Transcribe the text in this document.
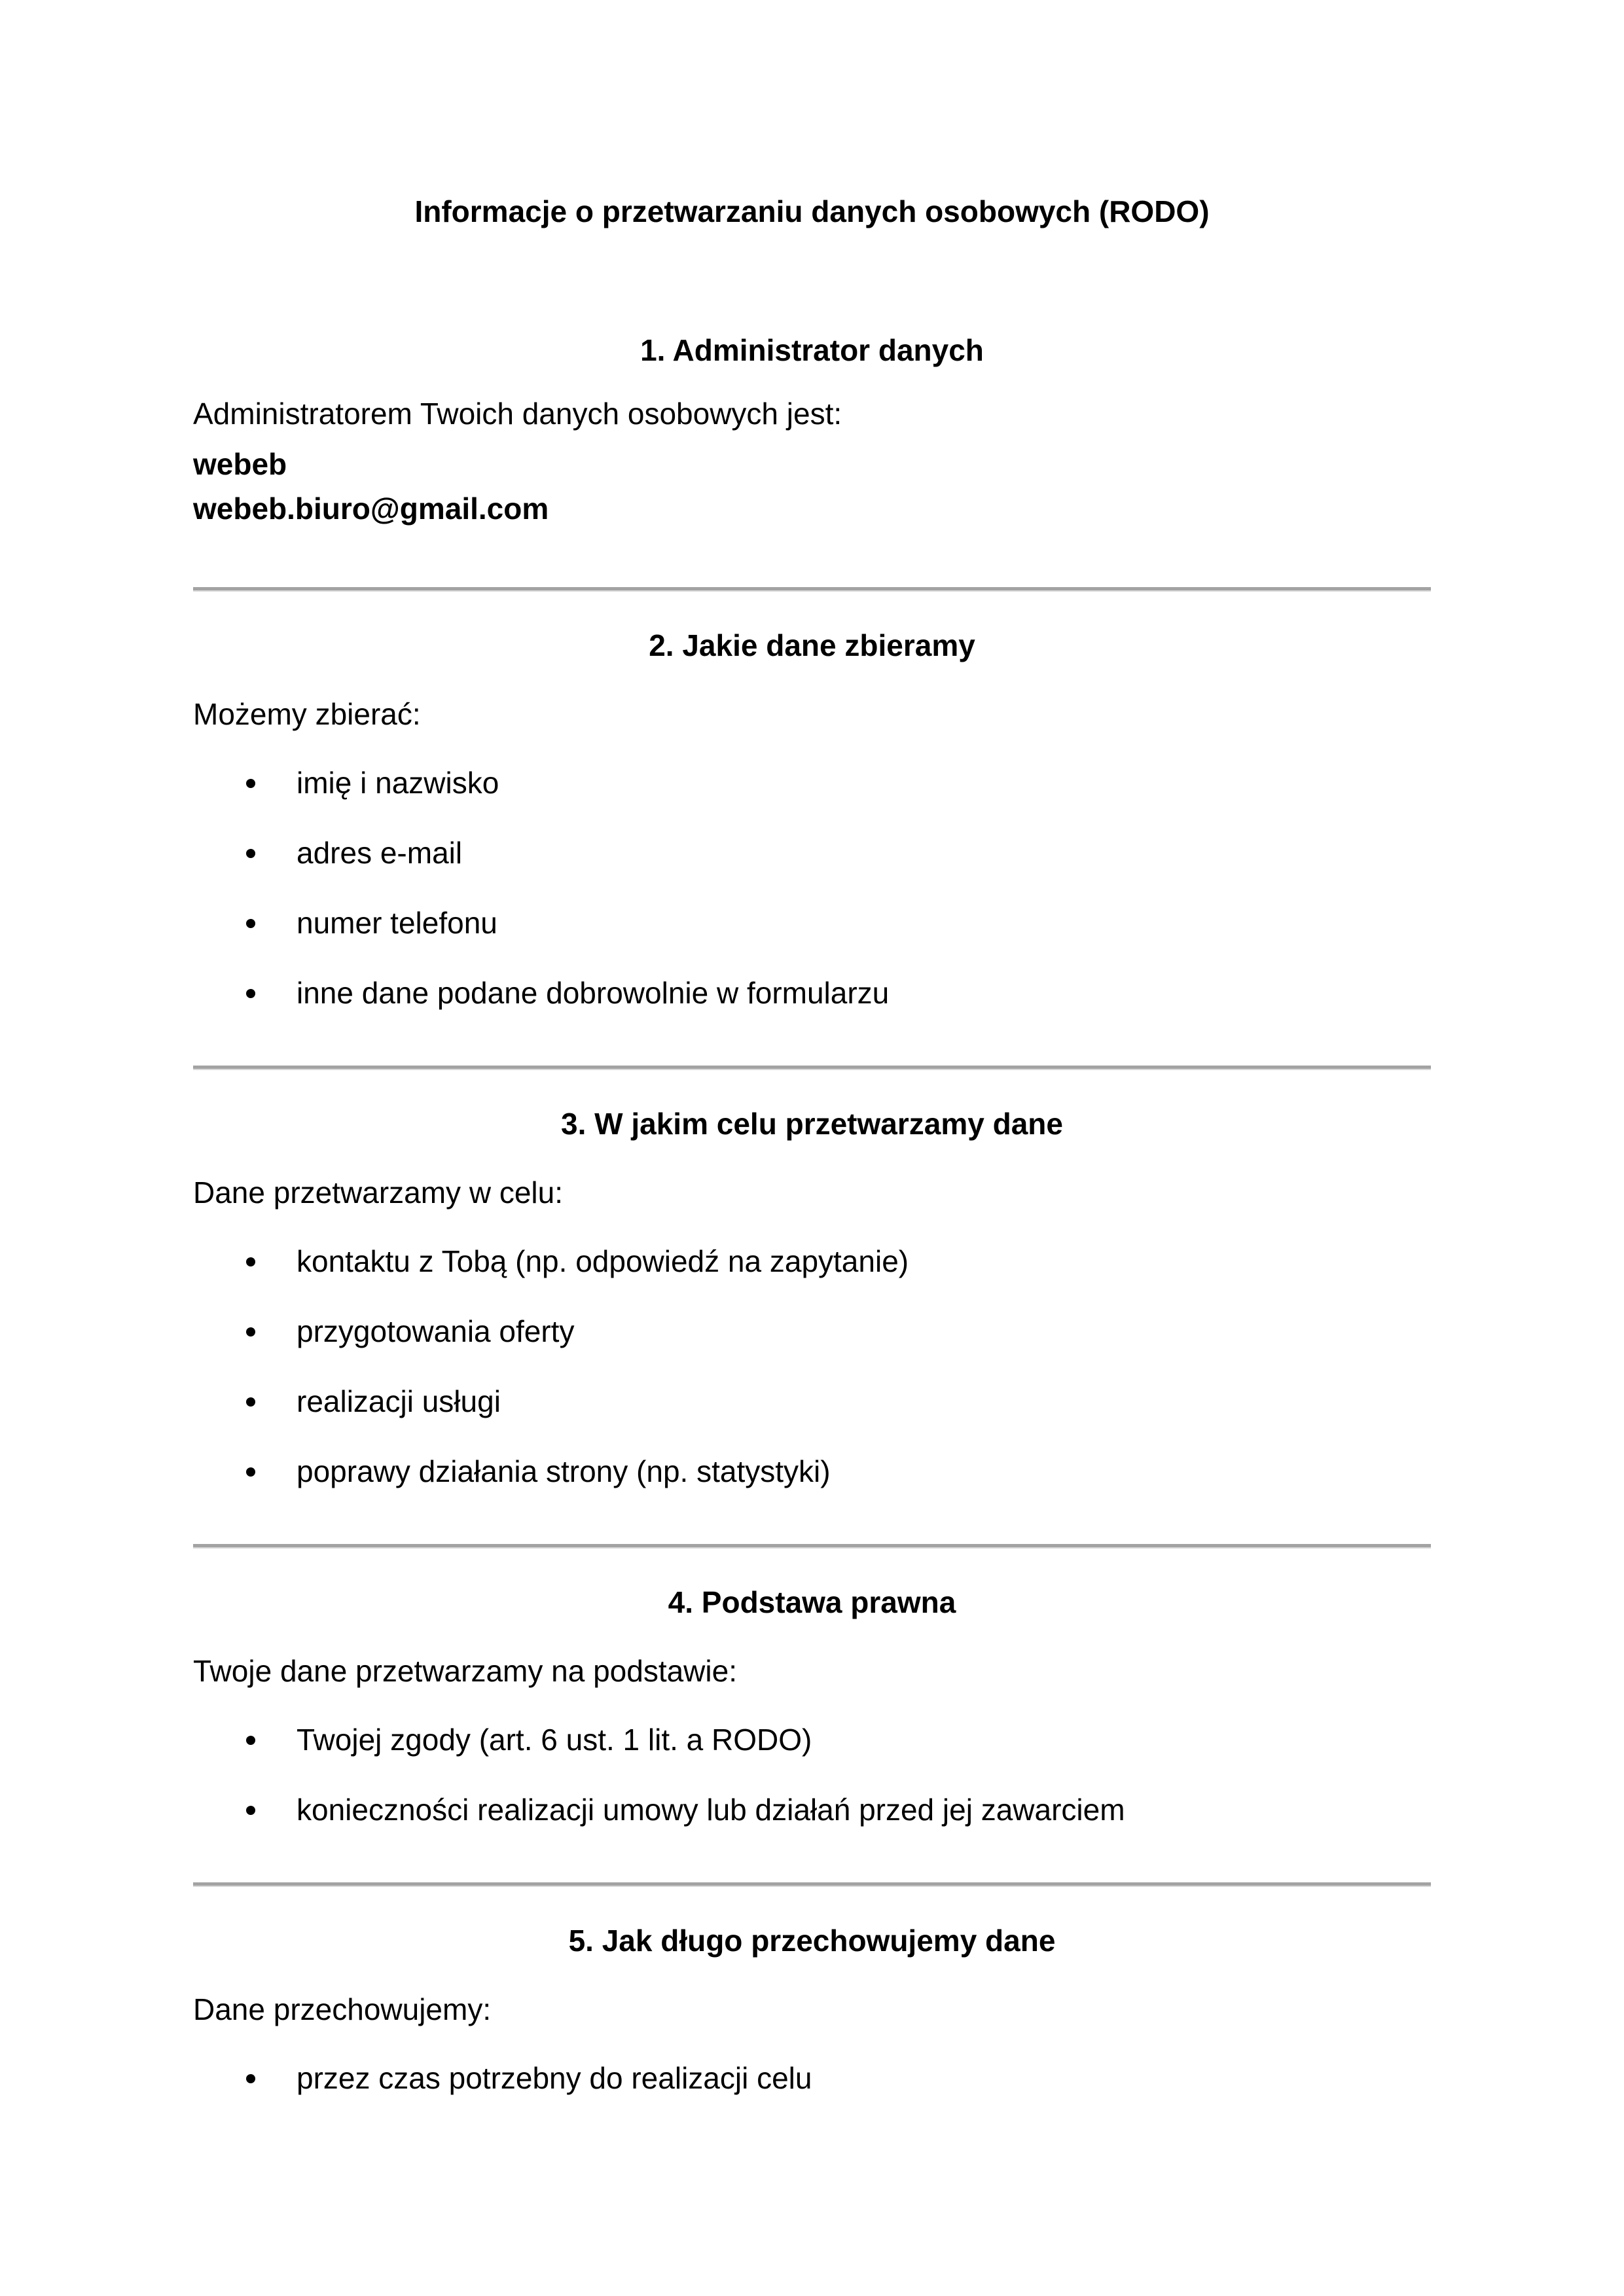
Informacje o przetwarzaniu danych osobowych (RODO)
1. Administrator danych

Administratorem Twoich danych osobowych jest:

webeb
webeb.biuro@gmail.com
2. Jakie dane zbieramy

Możemy zbierać:

imię i nazwisko
adres e-mail
numer telefonu
inne dane podane dobrowolnie w formularzu
3. W jakim celu przetwarzamy dane

Dane przetwarzamy w celu:

kontaktu z Tobą (np. odpowiedź na zapytanie)
przygotowania oferty
realizacji usługi
poprawy działania strony (np. statystyki)
4. Podstawa prawna

Twoje dane przetwarzamy na podstawie:

Twojej zgody (art. 6 ust. 1 lit. a RODO)
konieczności realizacji umowy lub działań przed jej zawarciem
5. Jak długo przechowujemy dane

Dane przechowujemy:

przez czas potrzebny do realizacji celu
